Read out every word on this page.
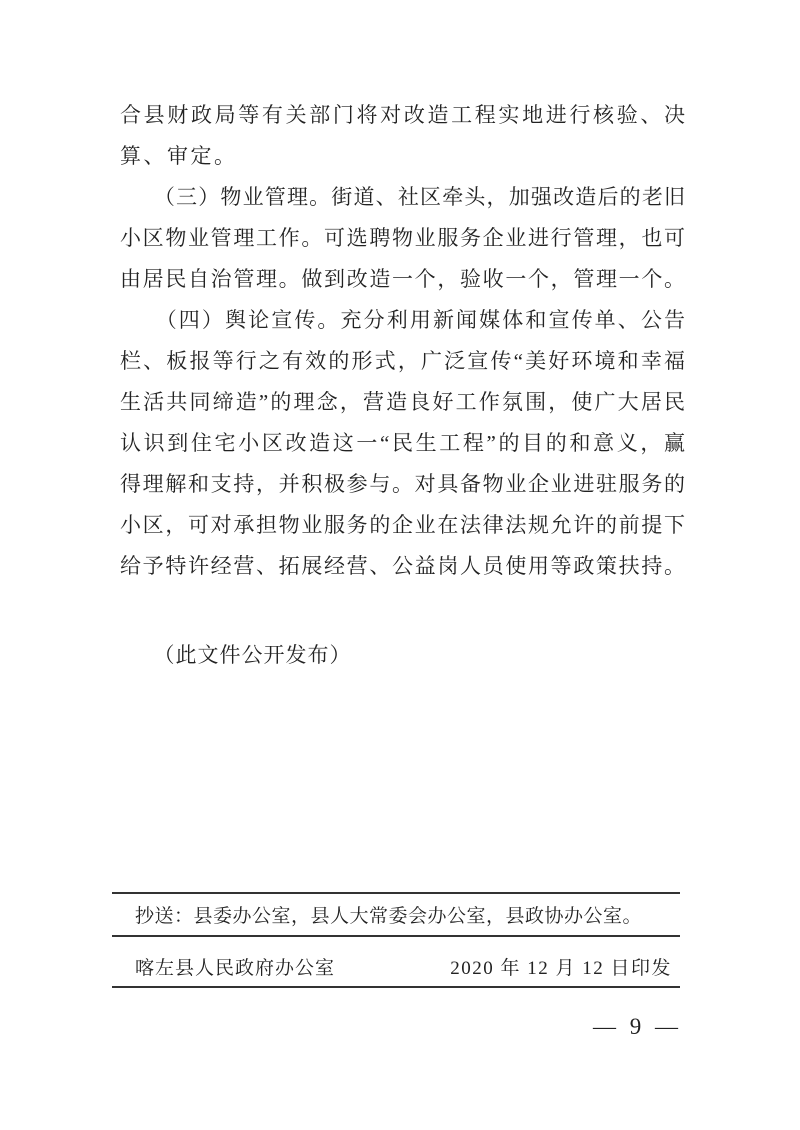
合县财政局等有关部门将对改造工程实地进行核验、决
算、审定。
　　（三）物业管理。街道、社区牵头，加强改造后的老旧
小区物业管理工作。可选聘物业服务企业进行管理，也可
由居民自治管理。做到改造一个，验收一个，管理一个。
　　（四）舆论宣传。充分利用新闻媒体和宣传单、公告
栏、板报等行之有效的形式，广泛宣传“美好环境和幸福
生活共同缔造”的理念，营造良好工作氛围，使广大居民
认识到住宅小区改造这一“民生工程”的目的和意义，赢
得理解和支持，并积极参与。对具备物业企业进驻服务的
小区，可对承担物业服务的企业在法律法规允许的前提下
给予特许经营、拓展经营、公益岗人员使用等政策扶持。
　　（此文件公开发布）
抄送：县委办公室，县人大常委会办公室，县政协办公室。
喀左县人民政府办公室	2020 年 12 月 12 日印发
— 9 —
